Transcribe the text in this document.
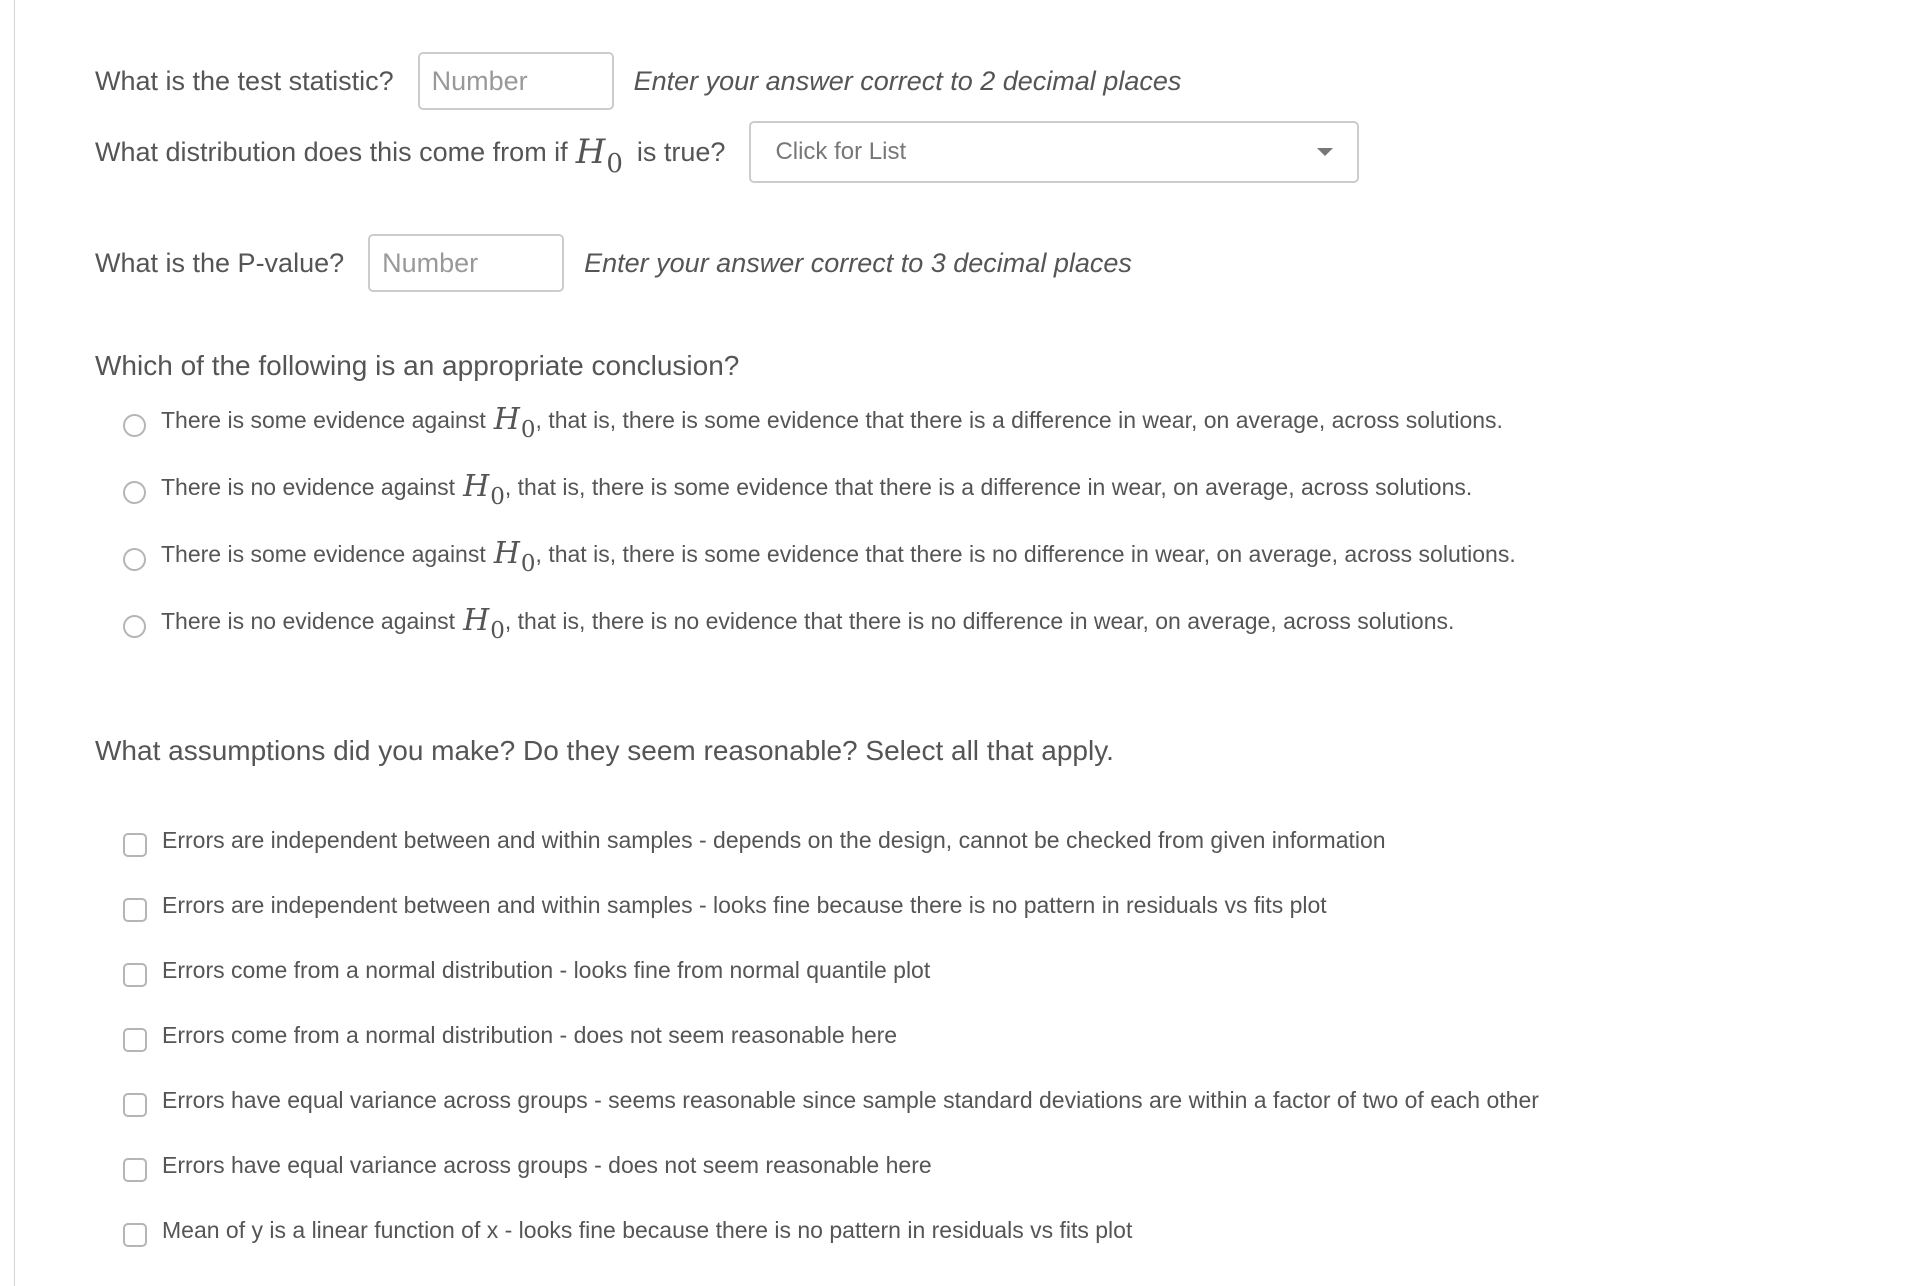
What is the test statistic?
Number	Enter your answer correct to 2 decimal places
What distribution does this come from if H0 is true? Click for List
What is the P-value?
Number	Enter your answer correct to 3 decimal places
Which of the following is an appropriate conclusion?
There is some evidence against H0 , that is, there is some evidence that there is a difference in wear, on average, across solutions.
There is no evidence against H0 , that is, there is some evidence that there is a difference in wear, on average, across solutions.
There is some evidence against H0 , that is, there is some evidence that there is no difference in wear, on average, across solutions.
There is no evidence against H0 , that is, there is no evidence that there is no difference in wear, on average, across solutions.
What assumptions did you make? Do they seem reasonable? Select all that apply.
Errors are independent between and within samples - depends on the design, cannot be checked from given information
Errors are independent between and within samples - looks fine because there is no pattern in residuals vs fits plot
Errors come from a normal distribution - looks fine from normal quantile plot
Errors come from a normal distribution - does not seem reasonable here
Errors have equal variance across groups - seems reasonable since sample standard deviations are within a factor of two of each other
Errors have equal variance across groups - does not seem reasonable here
Mean of y is a linear function of x - looks fine because there is no pattern in residuals vs fits plot
